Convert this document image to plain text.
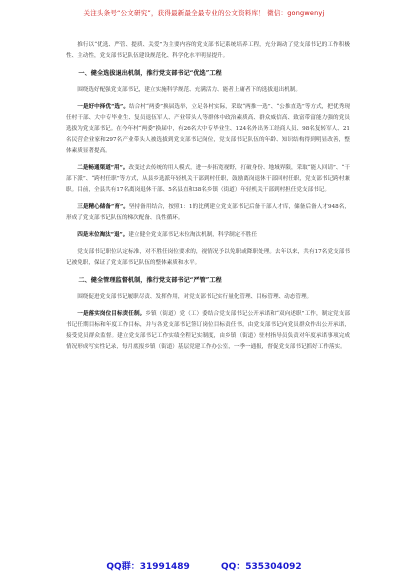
关注头条号“公文研究”，获得最新最全最专业的公文资料库！ 微信：gongwenyj

推行以“优选、严管、提质、关爱”为主要内容的党支部书记系统培养工程，充分调动了党支部书记的工作积极性、主动性，党支部书记队伍建设规范化、科学化水平明显提升。

一、健全选拔退出机制，推行党支部书记“优选”工程

围绕选好配强党支部书记，建立实施科学规范、充满活力、能者上庸者下的选拔退出机制。

一是好中择优“选”。结合村“两委”换届选举，立足各村实际，采取“两推一选”、“公推直选”等方式，把优秀现任村干部、大中专毕业生、复员退伍军人、产业带头人等群体中政治素质高、群众威信高、致富带富能力强的党员选拔为党支部书记。在今年村“两委”换届中，有26名大中专毕业生、124名外出务工经商人员、98名复转军人、21名民营企业家和297名产业带头人被选拔到党支部书记岗位，党支部书记队伍的年龄、知识结构得到明显改善，整体素质显著提高。

二是畅通渠道“用”。改变过去传统的用人模式，进一步拓宽视野，打破身份、地域界限，采取“能人回请”、“干部下派”、“跨村任职”等方式，从县乡选派年轻机关干部到村任职，鼓励离岗退休干部回村任职，党支部书记跨村兼职。目前，全县共有17名离岗退休干部、5名县直和38名乡镇（街道）年轻机关干部到村担任党支部书记。

三是精心储备“育”。坚持备用结合，按照1：1的比例建立党支部书记后备干部人才库，储备后备人才948名，形成了党支部书记队伍的梯次配备、良性循环。

四是末位淘汰“退”。建立健全党支部书记末位淘汰机制，科学制定不胜任

党支部书记职位认定标准，对不胜任岗位要求的，视情况予以免职或降职处理。去年以来，共有17名党支部书记被免职，保证了党支部书记队伍的整体素质和水平。

二、健全管理监督机制，推行党支部书记“严管”工程

围绕促进党支部书记履职尽责、发挥作用，对党支部书记实行量化管理、目标管理、动态管理。

一是落实岗位目标责任制。乡镇（街道）党（工）委结合党支部书记公开承诺和“双向述职”工作，制定党支部书记任期目标和年度工作目标，并与各党支部书记签订岗位目标责任书，由党支部书记向党员群众作出公开承诺，接受党员群众监督。建立党支部书记工作实绩全程记实制度，由乡镇（街道）驻村指导员负责对年度承诺事项完成情况形成写实性记录，每月底报乡镇（街道）基层党建工作办公室，一季一通报，督促党支部书记抓好工作落实。

QQ群：31991489	QQ：535304092
